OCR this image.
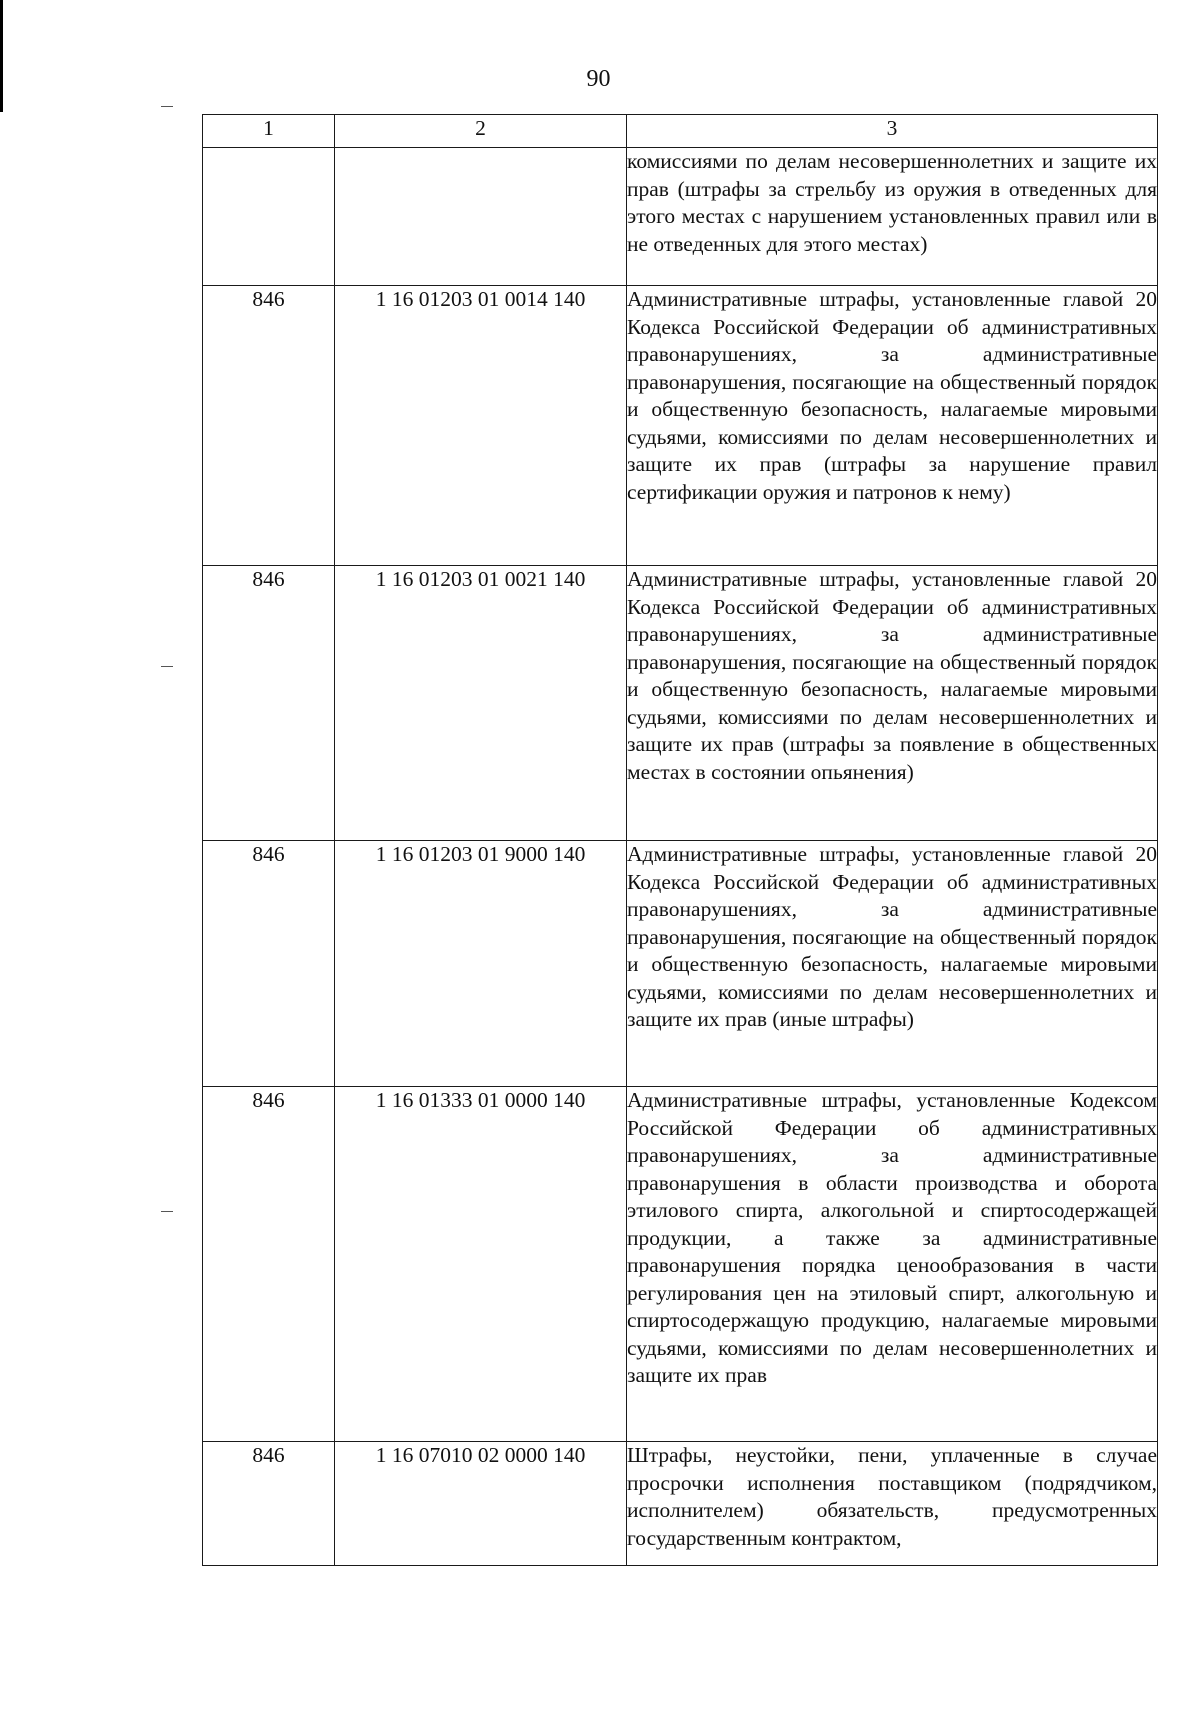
90
1	2	3
		комиссиями по делам несовершеннолетних и защите их прав (штрафы за стрельбу из оружия в отведенных для этого местах с нарушением установленных правил или в не отведенных для этого местах)
846	1 16 01203 01 0014 140	Административные штрафы, установленные главой 20 Кодекса Российской Федерации об административных правонарушениях, за административные правонарушения, посягающие на общественный порядок и общественную безопасность, налагаемые мировыми судьями, комиссиями по делам несовершеннолетних и защите их прав (штрафы за нарушение правил сертификации оружия и патронов к нему)
846	1 16 01203 01 0021 140	Административные штрафы, установленные главой 20 Кодекса Российской Федерации об административных правонарушениях, за административные правонарушения, посягающие на общественный порядок и общественную безопасность, налагаемые мировыми судьями, комиссиями по делам несовершеннолетних и защите их прав (штрафы за появление в общественных местах в состоянии опьянения)
846	1 16 01203 01 9000 140	Административные штрафы, установленные главой 20 Кодекса Российской Федерации об административных правонарушениях, за административные правонарушения, посягающие на общественный порядок и общественную безопасность, налагаемые мировыми судьями, комиссиями по делам несовершеннолетних и защите их прав (иные штрафы)
846	1 16 01333 01 0000 140	Административные штрафы, установленные Кодексом Российской Федерации об административных правонарушениях, за административные правонарушения в области производства и оборота этилового спирта, алкогольной и спиртосодержащей продукции, а также за административные правонарушения порядка ценообразования в части регулирования цен на этиловый спирт, алкогольную и спиртосодержащую продукцию, налагаемые мировыми судьями, комиссиями по делам несовершеннолетних и защите их прав
846	1 16 07010 02 0000 140	Штрафы, неустойки, пени, уплаченные в случае просрочки исполнения поставщиком (подрядчиком, исполнителем) обязательств, предусмотренных государственным контрактом,
